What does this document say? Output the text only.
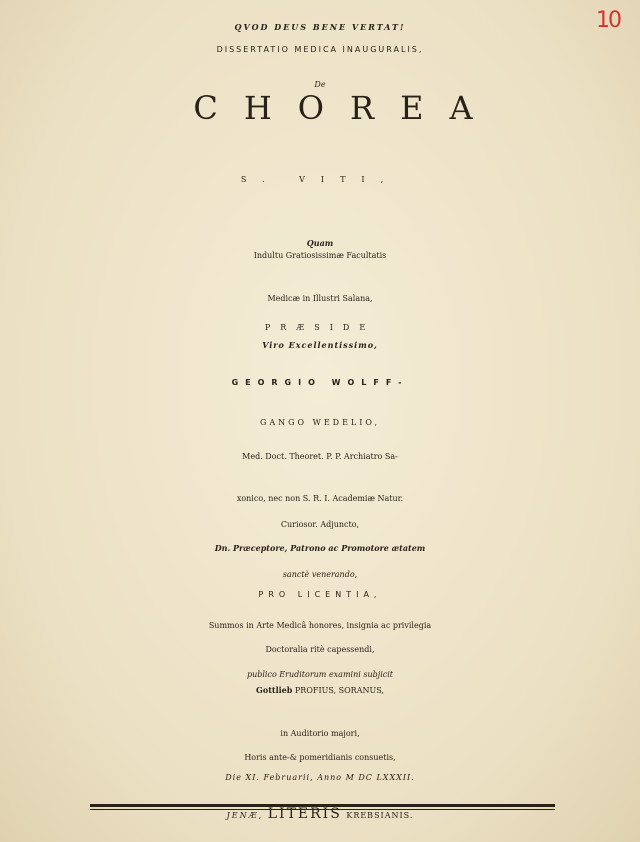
10
QVOD DEUS BENE VERTAT!
DISSERTATIO MEDICA INAUGURALIS,
De
CHOREA
S. VITI,
Quam
Indultu Gratiosissimæ Facultatis
Medicæ in Illustri Salana,
PRÆSIDE
Viro Excellentissimo,
GEORGIO WOLFF-
GANGO WEDELIO,
Med. Doct. Theoret. P. P. Archiatro Sa-
xonico, nec non S. R. I. Academiæ Natur.
Curiosor. Adjuncto,
Dn. Præceptore, Patrono ac Promotore ætatem
sanctè venerando,
PRO LICENTIA,
Summos in Arte Medicâ honores, insignia ac privilegia
Doctoralia ritè capessendi,
publico Eruditorum examini subjicit
Gottlieb PROFIUS, SORANUS,
in Auditorio majori,
Horis ante-& pomeridianis consuetis,
Die XI. Februarii, Anno M DC LXXXII.
JENÆ, LITERIS KREBSIANIS.
